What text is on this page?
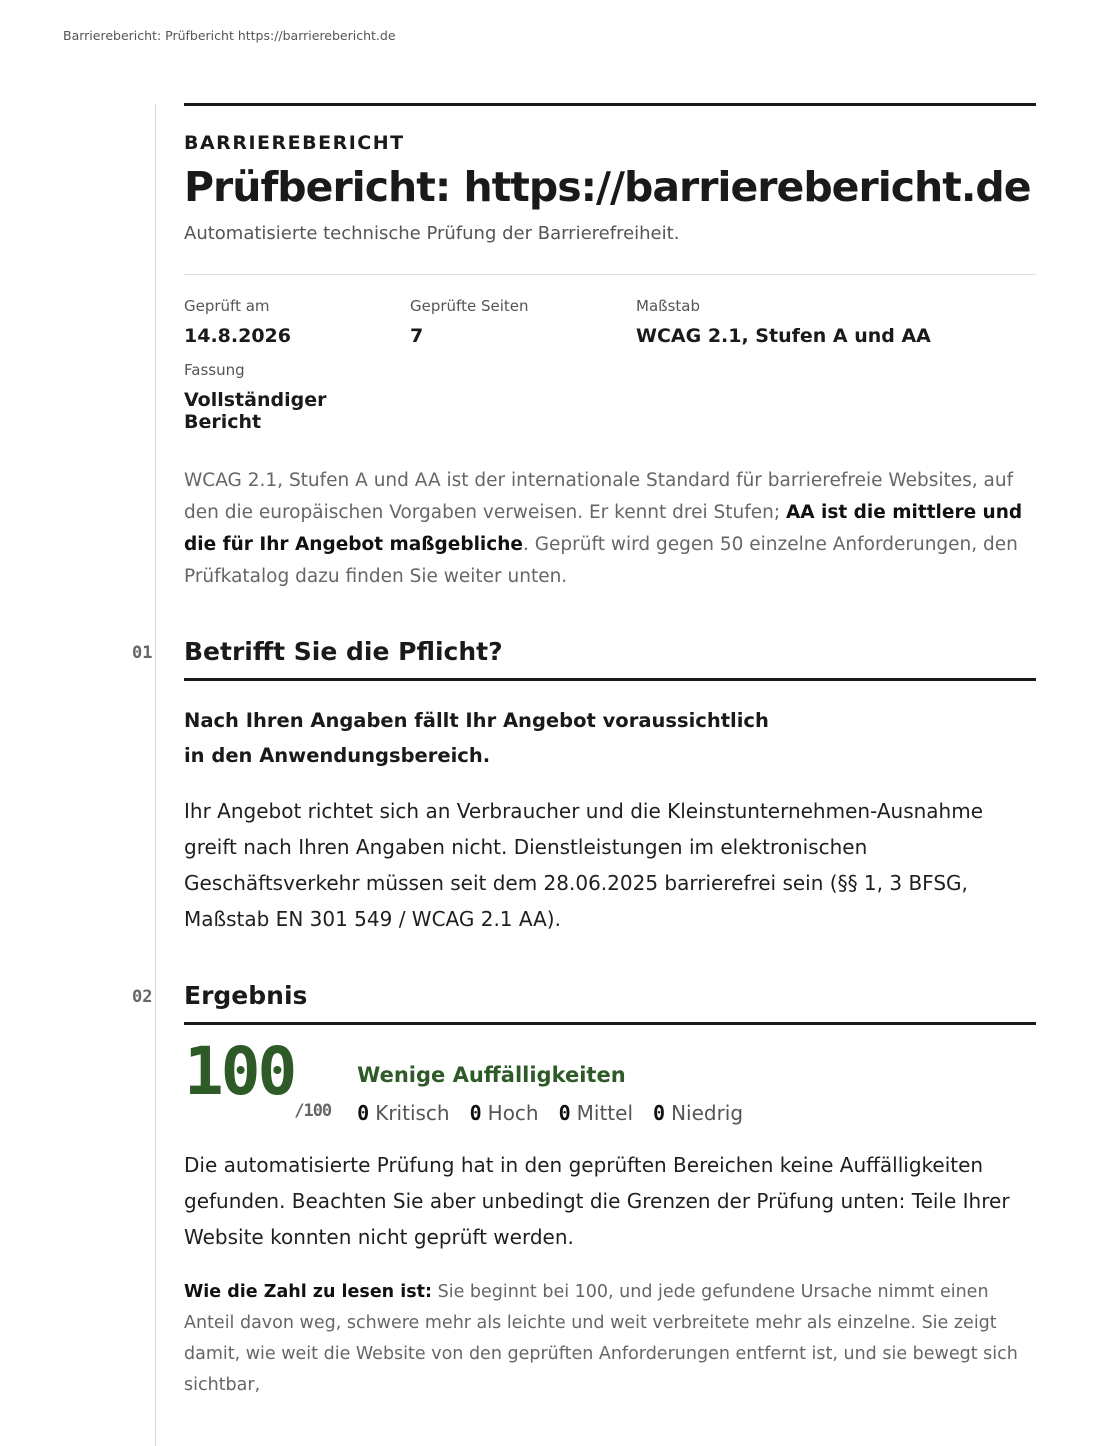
Barrierebericht: Prüfbericht https://barrierebericht.de
BARRIEREBERICHT
Prüfbericht: https://barrierebericht.de
Automatisierte technische Prüfung der Barrierefreiheit.
Geprüft am
14.8.2026
Geprüfte Seiten
7
Maßstab
WCAG 2.1, Stufen A und AA
Fassung
Vollständiger Bericht

WCAG 2.1, Stufen A und AA ist der internationale Standard für barrierefreie Websites, auf den die europäischen Vorgaben verweisen. Er kennt drei Stufen; AA ist die mittlere und die für Ihr Angebot maßgebliche. Geprüft wird gegen 50 einzelne Anforderungen, den Prüfkatalog dazu finden Sie weiter unten.

01 Betrifft Sie die Pflicht?
Nach Ihren Angaben fällt Ihr Angebot voraussichtlich in den Anwendungsbereich.
Ihr Angebot richtet sich an Verbraucher und die Kleinstunternehmen-Ausnahme greift nach Ihren Angaben nicht. Dienstleistungen im elektronischen Geschäftsverkehr müssen seit dem 28.06.2025 barrierefrei sein (§§ 1, 3 BFSG, Maßstab EN 301 549 / WCAG 2.1 AA).
02 Ergebnis
100
/100
Wenige Auffälligkeiten
0 Kritisch 0 Hoch 0 Mittel 0 Niedrig
Die automatisierte Prüfung hat in den geprüften Bereichen keine Auffälligkeiten gefunden. Beachten Sie aber unbedingt die Grenzen der Prüfung unten: Teile Ihrer Website konnten nicht geprüft werden.

Wie die Zahl zu lesen ist: Sie beginnt bei 100, und jede gefundene Ursache nimmt einen Anteil davon weg, schwere mehr als leichte und weit verbreitete mehr als einzelne. Sie zeigt damit, wie weit die Website von den geprüften Anforderungen entfernt ist, und sie bewegt sich sichtbar,
